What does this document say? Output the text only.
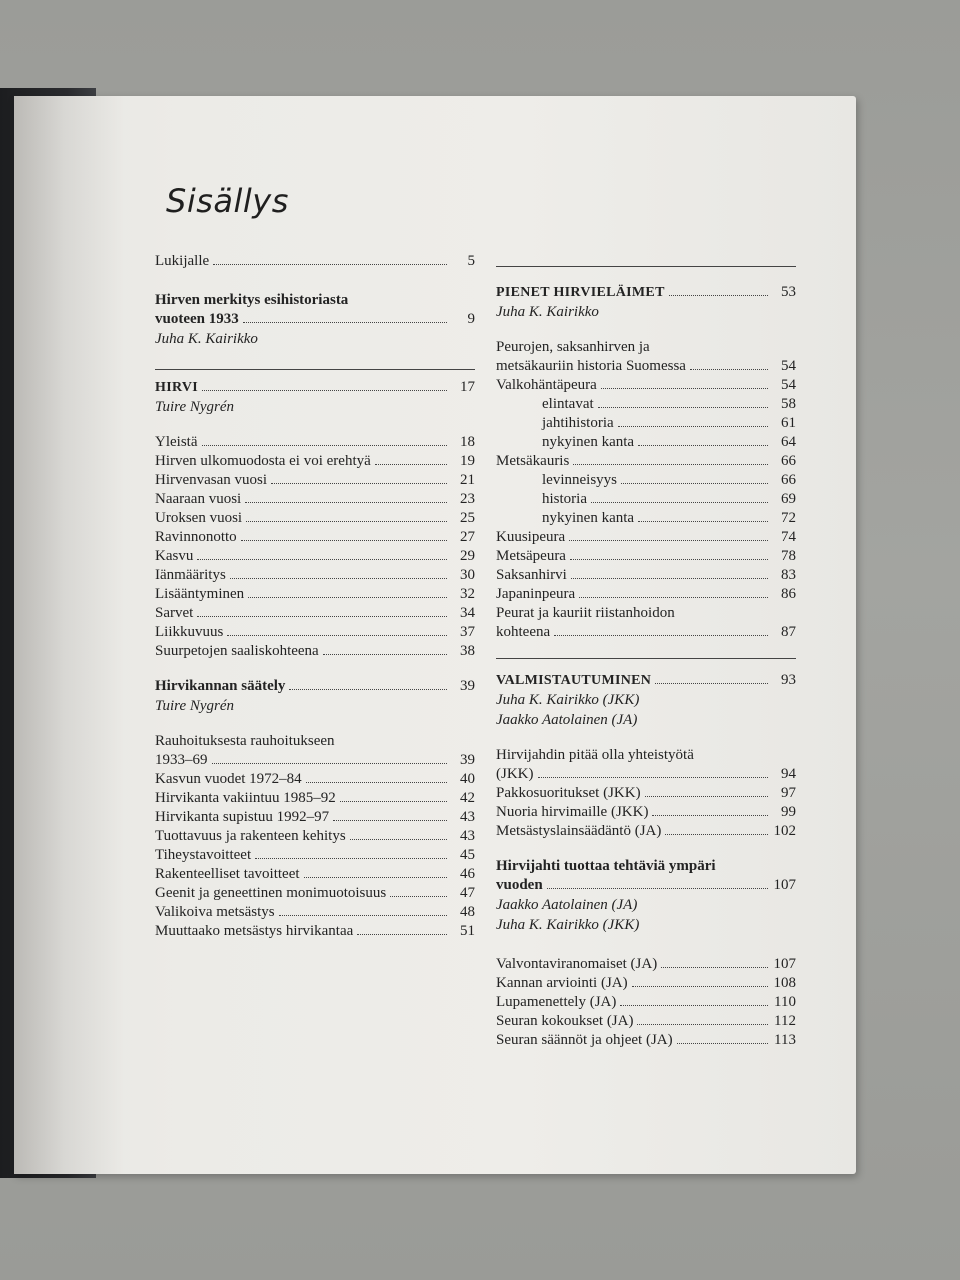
Sisällys
Lukijalle	5
Hirven merkitys esihistoriasta
vuoteen 1933	9
Juha K. Kairikko
HIRVI	17
Tuire Nygrén
Yleistä	18
Hirven ulkomuodosta ei voi erehtyä	19
Hirvenvasan vuosi	21
Naaraan vuosi	23
Uroksen vuosi	25
Ravinnonotto	27
Kasvu	29
Iänmääritys	30
Lisääntyminen	32
Sarvet	34
Liikkuvuus	37
Suurpetojen saaliskohteena	38
Hirvikannan säätely	39
Tuire Nygrén
Rauhoituksesta rauhoitukseen
1933–69	39
Kasvun vuodet 1972–84	40
Hirvikanta vakiintuu 1985–92	42
Hirvikanta supistuu 1992–97	43
Tuottavuus ja rakenteen kehitys	43
Tiheystavoitteet	45
Rakenteelliset tavoitteet	46
Geenit ja geneettinen monimuotoisuus	47
Valikoiva metsästys	48
Muuttaako metsästys hirvikantaa	51
PIENET HIRVIELÄIMET	53
Juha K. Kairikko
Peurojen, saksanhirven ja
metsäkauriin historia Suomessa	54
Valkohäntäpeura	54
elintavat	58
jahtihistoria	61
nykyinen kanta	64
Metsäkauris	66
levinneisyys	66
historia	69
nykyinen kanta	72
Kuusipeura	74
Metsäpeura	78
Saksanhirvi	83
Japaninpeura	86
Peurat ja kauriit riistanhoidon
kohteena	87
VALMISTAUTUMINEN	93
Juha K. Kairikko (JKK)
Jaakko Aatolainen (JA)
Hirvijahdin pitää olla yhteistyötä
(JKK)	94
Pakkosuoritukset (JKK)	97
Nuoria hirvimaille (JKK)	99
Metsästyslainsäädäntö (JA)	102
Hirvijahti tuottaa tehtäviä ympäri
vuoden	107
Jaakko Aatolainen (JA)
Juha K. Kairikko (JKK)
Valvontaviranomaiset (JA)	107
Kannan arviointi (JA)	108
Lupamenettely (JA)	110
Seuran kokoukset (JA)	112
Seuran säännöt ja ohjeet (JA)	113
